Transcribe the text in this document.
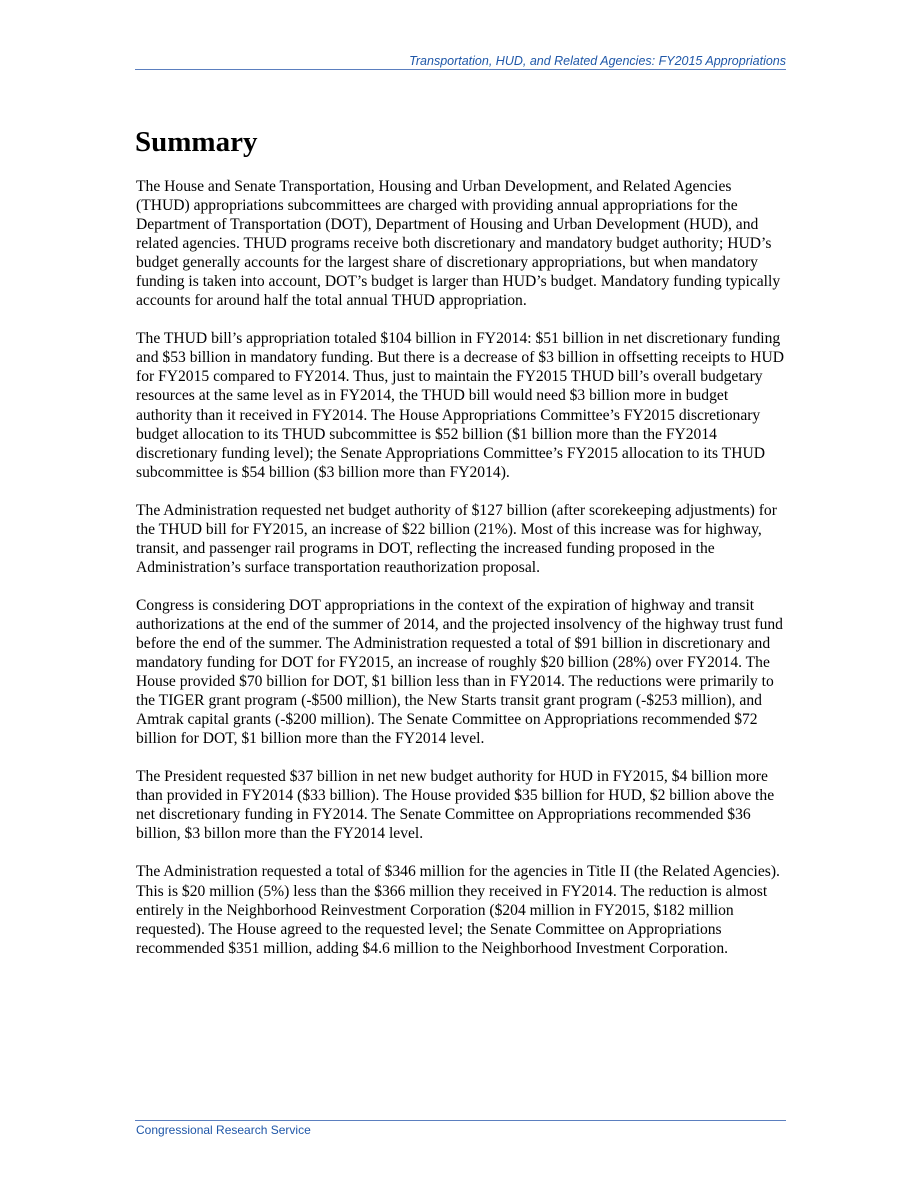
Transportation, HUD, and Related Agencies: FY2015 Appropriations
Summary

The House and Senate Transportation, Housing and Urban Development, and Related Agencies (THUD) appropriations subcommittees are charged with providing annual appropriations for the Department of Transportation (DOT), Department of Housing and Urban Development (HUD), and related agencies. THUD programs receive both discretionary and mandatory budget authority; HUD’s budget generally accounts for the largest share of discretionary appropriations, but when mandatory funding is taken into account, DOT’s budget is larger than HUD’s budget. Mandatory funding typically accounts for around half the total annual THUD appropriation.

The THUD bill’s appropriation totaled $104 billion in FY2014: $51 billion in net discretionary funding and $53 billion in mandatory funding. But there is a decrease of $3 billion in offsetting receipts to HUD for FY2015 compared to FY2014. Thus, just to maintain the FY2015 THUD bill’s overall budgetary resources at the same level as in FY2014, the THUD bill would need $3 billion more in budget authority than it received in FY2014. The House Appropriations Committee’s FY2015 discretionary budget allocation to its THUD subcommittee is $52 billion ($1 billion more than the FY2014 discretionary funding level); the Senate Appropriations Committee’s FY2015 allocation to its THUD subcommittee is $54 billion ($3 billion more than FY2014).

The Administration requested net budget authority of $127 billion (after scorekeeping adjustments) for the THUD bill for FY2015, an increase of $22 billion (21%). Most of this increase was for highway, transit, and passenger rail programs in DOT, reflecting the increased funding proposed in the Administration’s surface transportation reauthorization proposal.

Congress is considering DOT appropriations in the context of the expiration of highway and transit authorizations at the end of the summer of 2014, and the projected insolvency of the highway trust fund before the end of the summer. The Administration requested a total of $91 billion in discretionary and mandatory funding for DOT for FY2015, an increase of roughly $20 billion (28%) over FY2014. The House provided $70 billion for DOT, $1 billion less than in FY2014. The reductions were primarily to the TIGER grant program (-$500 million), the New Starts transit grant program (-$253 million), and Amtrak capital grants (-$200 million). The Senate Committee on Appropriations recommended $72 billion for DOT, $1 billion more than the FY2014 level.

The President requested $37 billion in net new budget authority for HUD in FY2015, $4 billion more than provided in FY2014 ($33 billion). The House provided $35 billion for HUD, $2 billion above the net discretionary funding in FY2014. The Senate Committee on Appropriations recommended $36 billion, $3 billon more than the FY2014 level.

The Administration requested a total of $346 million for the agencies in Title II (the Related Agencies). This is $20 million (5%) less than the $366 million they received in FY2014. The reduction is almost entirely in the Neighborhood Reinvestment Corporation ($204 million in FY2015, $182 million requested). The House agreed to the requested level; the Senate Committee on Appropriations recommended $351 million, adding $4.6 million to the Neighborhood Investment Corporation.

Congressional Research Service
